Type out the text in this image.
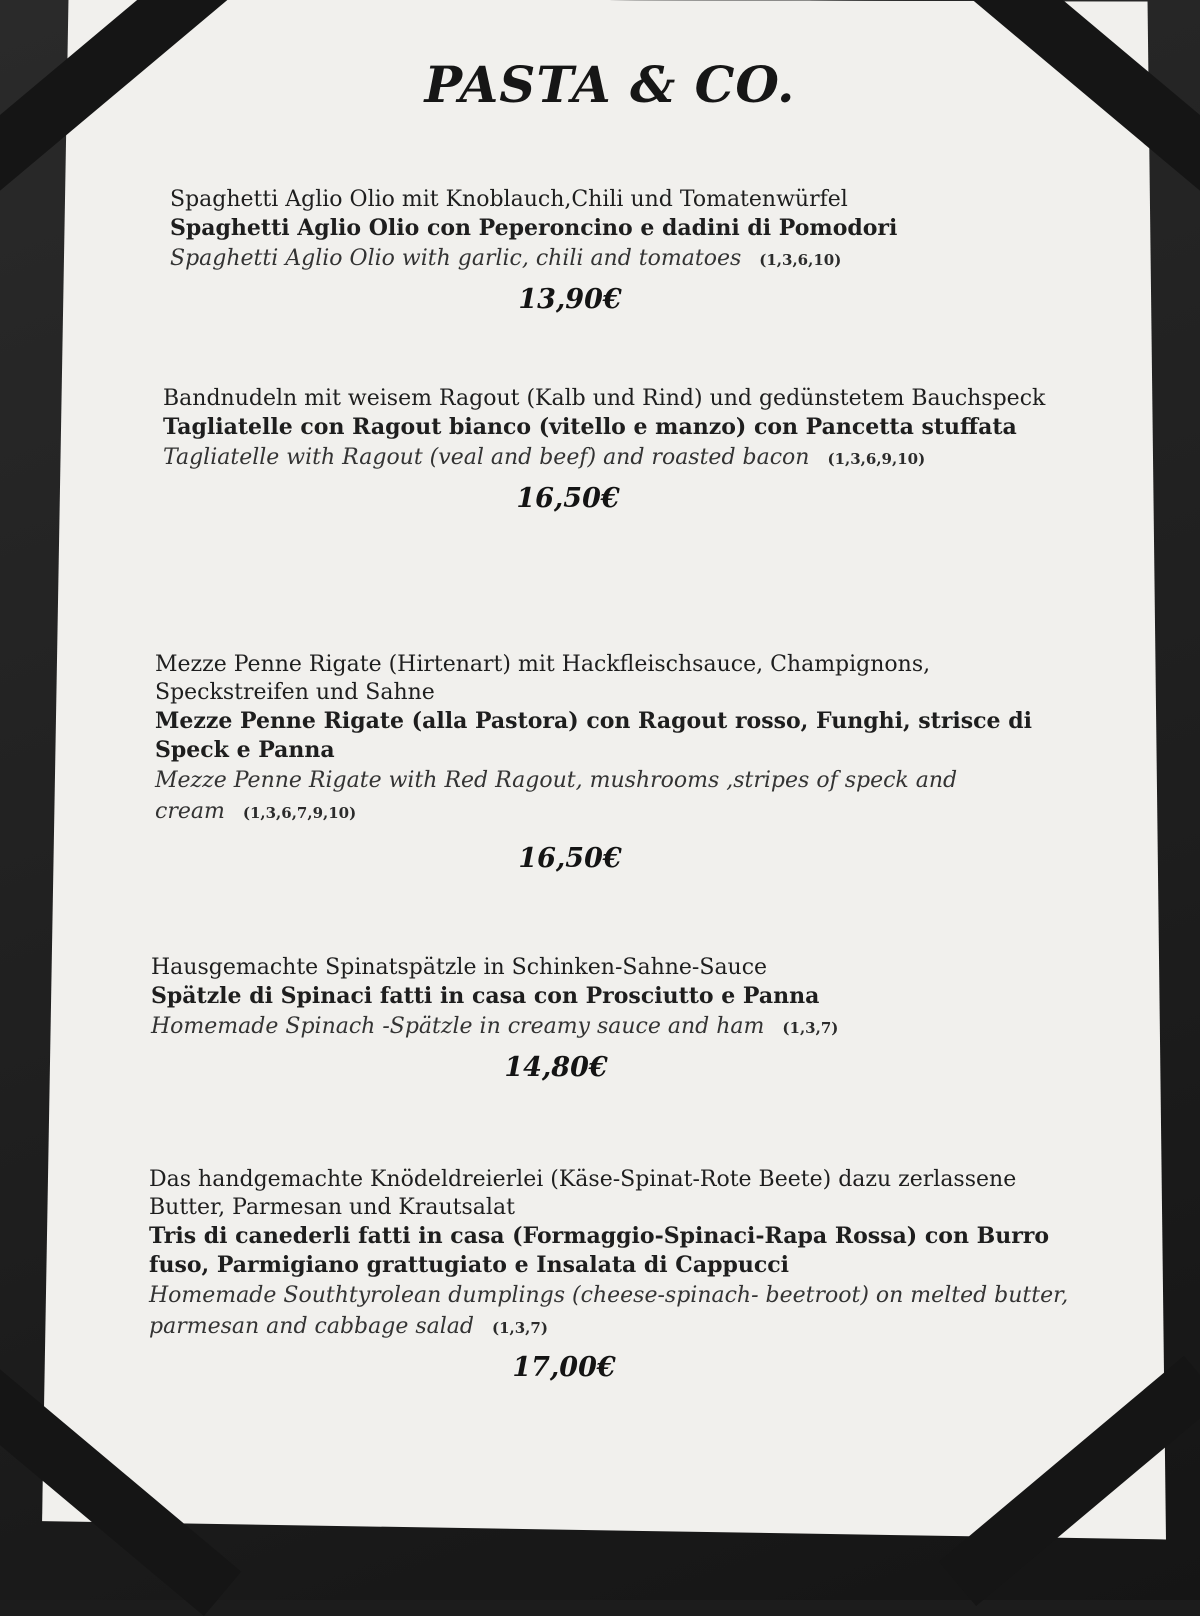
PASTA & CO.
Spaghetti Aglio Olio mit Knoblauch,Chili und Tomatenwürfel
Spaghetti Aglio Olio con Peperoncino e dadini di Pomodori
Spaghetti Aglio Olio with garlic, chili and tomatoes (1,3,6,10)
13,90€
Bandnudeln mit weisem Ragout (Kalb und Rind) und gedünstetem Bauchspeck
Tagliatelle con Ragout bianco (vitello e manzo) con Pancetta stuffata
Tagliatelle with Ragout (veal and beef) and roasted bacon (1,3,6,9,10)
16,50€
Mezze Penne Rigate (Hirtenart) mit Hackfleischsauce, Champignons, Speckstreifen und Sahne
Mezze Penne Rigate (alla Pastora) con Ragout rosso, Funghi, strisce di Speck e Panna
Mezze Penne Rigate with Red Ragout, mushrooms ,stripes of speck and cream (1,3,6,7,9,10)
16,50€
Hausgemachte Spinatspätzle in Schinken-Sahne-Sauce
Spätzle di Spinaci fatti in casa con Prosciutto e Panna
Homemade Spinach -Spätzle in creamy sauce and ham (1,3,7)
14,80€
Das handgemachte Knödeldreierlei (Käse-Spinat-Rote Beete) dazu zerlassene Butter, Parmesan und Krautsalat
Tris di canederli fatti in casa (Formaggio-Spinaci-Rapa Rossa) con Burro fuso, Parmigiano grattugiato e Insalata di Cappucci
Homemade Southtyrolean dumplings (cheese-spinach- beetroot) on melted butter, parmesan and cabbage salad (1,3,7)
17,00€
